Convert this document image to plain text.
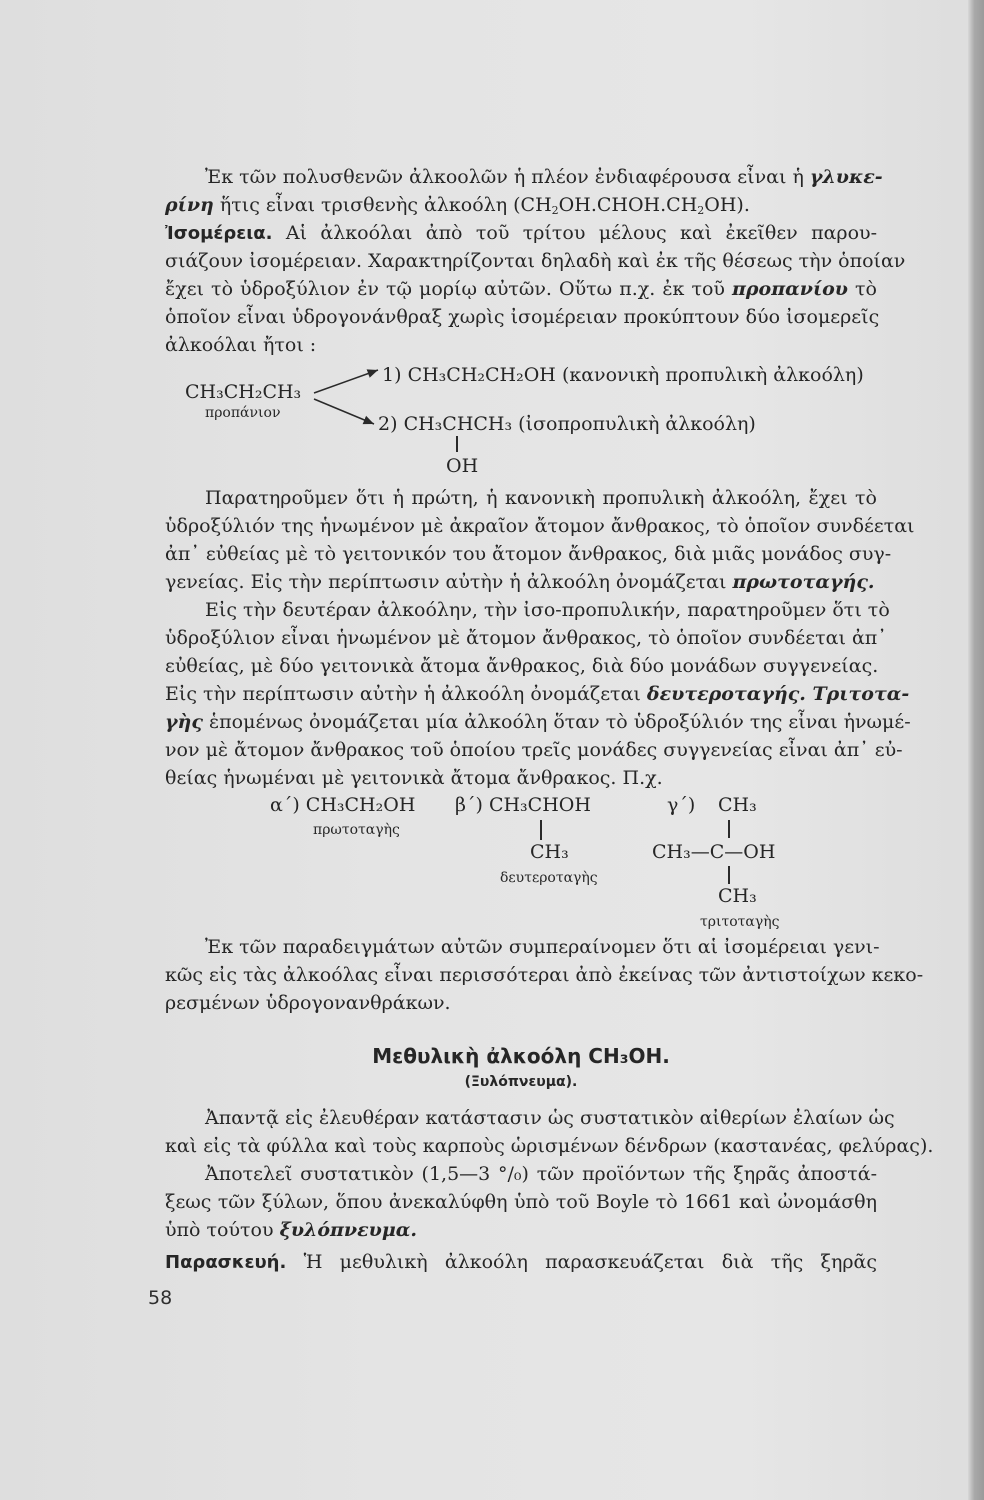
Ἐκ τῶν πολυσθενῶν ἀλκοολῶν ἡ πλέον ἐνδιαφέρουσα εἶναι ἡ γλυκε-
ρίνη ἥτις εἶναι τρισθενὴς ἀλκοόλη $(CH_2OH.CHOH.CH_2OH)$.
Ἰσομέρεια. Αἱ ἀλκοόλαι ἀπὸ τοῦ τρίτου μέλους καὶ ἐκεῖθεν παρου-
σιάζουν ἰσομέρειαν. Χαρακτηρίζονται δηλαδὴ καὶ ἐκ τῆς θέσεως τὴν ὁποίαν
ἔχει τὸ ὑδροξύλιον ἐν τῷ μορίῳ αὐτῶν. Οὕτω π.χ. ἐκ τοῦ προπανίου τὸ
ὁποῖον εἶναι ὑδρογονάνθραξ χωρὶς ἰσομέρειαν προκύπτουν δύο ἰσομερεῖς
ἀλκοόλαι ἤτοι :
CH₃CH₂CH₃
προπάνιον
1) CH₃CH₂CH₂OH (κανονικὴ προπυλικὴ ἀλκοόλη)
2) CH₃CHCH₃ (ἰσοπροπυλικὴ ἀλκοόλη)
OH
Παρατηροῦμεν ὅτι ἡ πρώτη, ἡ κανονικὴ προπυλικὴ ἀλκοόλη, ἔχει τὸ
ὑδροξύλιόν της ἡνωμένον μὲ ἀκραῖον ἄτομον ἄνθρακος, τὸ ὁποῖον συνδέεται
ἀπ᾿ εὐθείας μὲ τὸ γειτονικόν του ἄτομον ἄνθρακος, διὰ μιᾶς μονάδος συγ-
γενείας. Εἰς τὴν περίπτωσιν αὐτὴν ἡ ἀλκοόλη ὀνομάζεται πρωτοταγής.
Εἰς τὴν δευτέραν ἀλκοόλην, τὴν ἰσο-προπυλικήν, παρατηροῦμεν ὅτι τὸ
ὑδροξύλιον εἶναι ἡνωμένον μὲ ἄτομον ἄνθρακος, τὸ ὁποῖον συνδέεται ἀπ᾿
εὐθείας, μὲ δύο γειτονικὰ ἄτομα ἄνθρακος, διὰ δύο μονάδων συγγενείας.
Εἰς τὴν περίπτωσιν αὐτὴν ἡ ἀλκοόλη ὀνομάζεται δευτεροταγής. Τριτοτα-
γὴς ἑπομένως ὀνομάζεται μία ἀλκοόλη ὅταν τὸ ὑδροξύλιόν της εἶναι ἡνωμέ-
νον μὲ ἄτομον ἄνθρακος τοῦ ὁποίου τρεῖς μονάδες συγγενείας εἶναι ἀπ᾿ εὐ-
θείας ἡνωμέναι μὲ γειτονικὰ ἄτομα ἄνθρακος. Π.χ.
α΄) CH₃CH₂OH
πρωτοταγὴς
β΄) CH₃CHOH
CH₃
δευτεροταγὴς
γ΄) CH₃
CH₃—C—OH
CH₃
τριτοταγὴς
Ἐκ τῶν παραδειγμάτων αὐτῶν συμπεραίνομεν ὅτι αἱ ἰσομέρειαι γενι-
κῶς εἰς τὰς ἀλκοόλας εἶναι περισσότεραι ἀπὸ ἐκείνας τῶν ἀντιστοίχων κεκο-
ρεσμένων ὑδρογονανθράκων.
Μεθυλικὴ ἀλκοόλη CH₃OH.
(Ξυλόπνευμα).
Ἀπαντᾷ εἰς ἐλευθέραν κατάστασιν ὡς συστατικὸν αἰθερίων ἐλαίων ὡς
καὶ εἰς τὰ φύλλα καὶ τοὺς καρποὺς ὡρισμένων δένδρων (καστανέας, φελύρας).
Ἀποτελεῖ συστατικὸν (1,5—3 °/₀) τῶν προϊόντων τῆς ξηρᾶς ἀποστά-
ξεως τῶν ξύλων, ὅπου ἀνεκαλύφθη ὑπὸ τοῦ Boyle τὸ 1661 καὶ ὠνομάσθη
ὑπὸ τούτου ξυλόπνευμα.
Παρασκευή. Ἡ μεθυλικὴ ἀλκοόλη παρασκευάζεται διὰ τῆς ξηρᾶς
58
